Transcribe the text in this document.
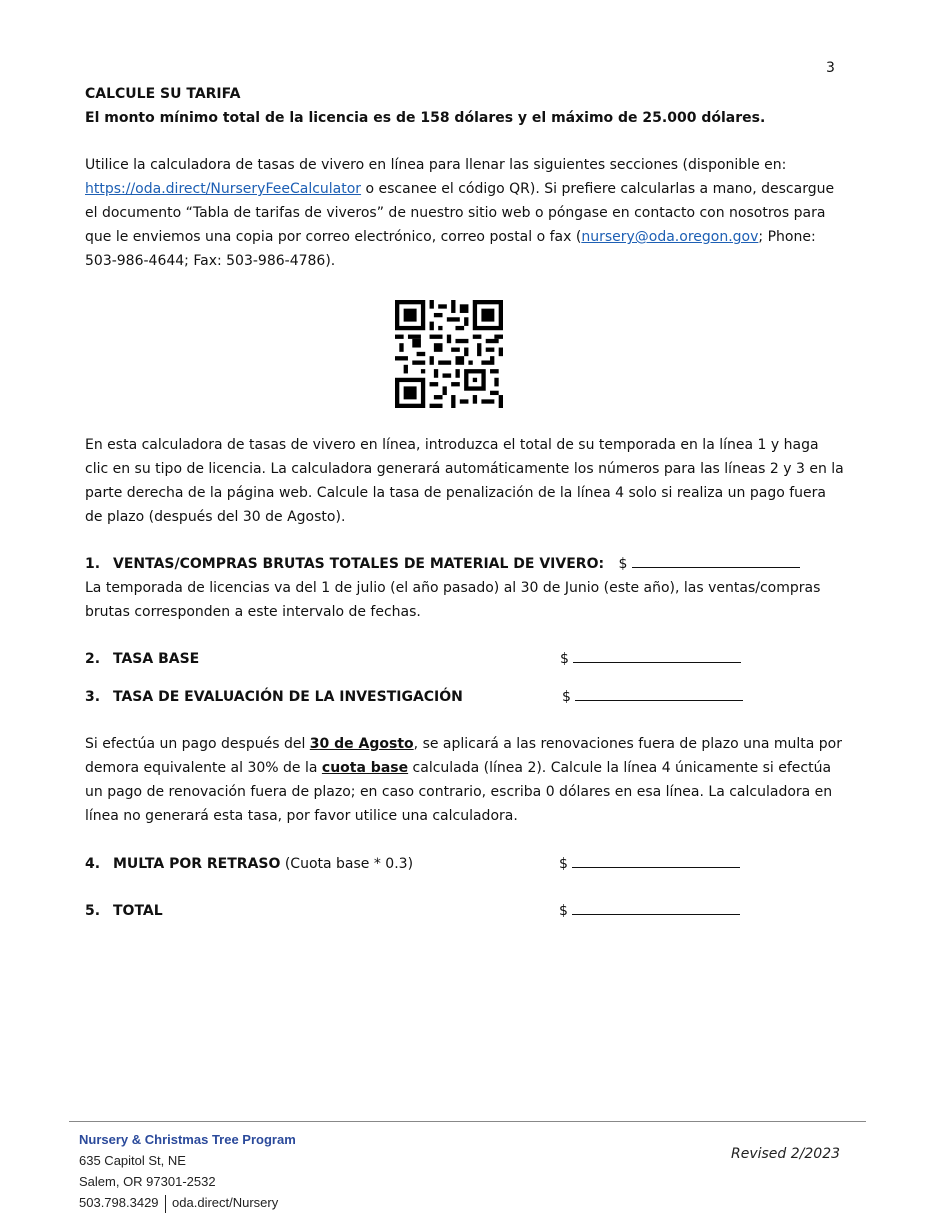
3
CALCULE SU TARIFA
El monto mínimo total de la licencia es de 158 dólares y el máximo de 25.000 dólares.
Utilice la calculadora de tasas de vivero en línea para llenar las siguientes secciones (disponible en: https://oda.direct/NurseryFeeCalculator o escanee el código QR). Si prefiere calcularlas a mano, descargue el documento “Tabla de tarifas de viveros” de nuestro sitio web o póngase en contacto con nosotros para que le enviemos una copia por correo electrónico, correo postal o fax (nursery@oda.oregon.gov; Phone: 503-986-4644; Fax: 503-986-4786).
En esta calculadora de tasas de vivero en línea, introduzca el total de su temporada en la línea 1 y haga clic en su tipo de licencia. La calculadora generará automáticamente los números para las líneas 2 y 3 en la parte derecha de la página web. Calcule la tasa de penalización de la línea 4 solo si realiza un pago fuera de plazo (después del 30 de Agosto).
1. VENTAS/COMPRAS BRUTAS TOTALES DE MATERIAL DE VIVERO: $
La temporada de licencias va del 1 de julio (el año pasado) al 30 de Junio (este año), las ventas/compras brutas corresponden a este intervalo de fechas.
2. TASA BASE	$
3. TASA DE EVALUACIÓN DE LA INVESTIGACIÓN	$
Si efectúa un pago después del 30 de Agosto, se aplicará a las renovaciones fuera de plazo una multa por demora equivalente al 30% de la cuota base calculada (línea 2). Calcule la línea 4 únicamente si efectúa un pago de renovación fuera de plazo; en caso contrario, escriba 0 dólares en esa línea. La calculadora en línea no generará esta tasa, por favor utilice una calculadora.
4. MULTA POR RETRASO (Cuota base * 0.3)	$
5. TOTAL	$
Nursery & Christmas Tree Program
635 Capitol St, NE
Salem, OR 97301-2532
503.798.3429 oda.direct/Nursery
Revised 2/2023
